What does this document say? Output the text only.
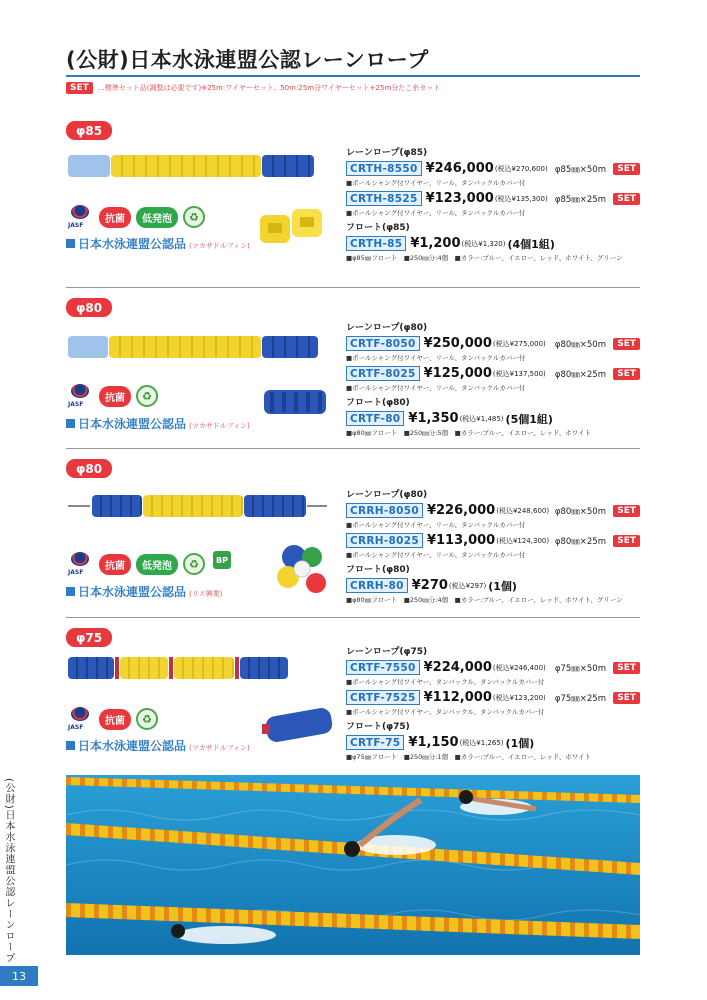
(公財)日本水泳連盟公認レーンロープ
SET	…標準セット品(調整は必要です)※25m:ワイヤーセット、50m:25m分ワイヤーセット+25m分たこ糸セット
φ85
JASF
抗菌	低発泡	♻
日本水泳連盟公認品 (ツカサドルフィン)
レーンロープ(φ85)
CRTH-8550 ¥246,000 (税込¥270,600) φ85㎜×50m	SET
■ポールシャング付ワイヤー、リール、タンバックルカバー付
CRTH-8525 ¥123,000 (税込¥135,300) φ85㎜×25m	SET
■ポールシャング付ワイヤー、リール、タンバックルカバー付
フロート(φ85)
CRTH-85 ¥1,200 (税込¥1,320) (4個1組)
■φ85㎜フロート　■250㎜分:4個　■カラー:ブルー、イエロー、レッド、ホワイト、グリーン
φ80
JASF
抗菌	♻
日本水泳連盟公認品 (ツカサドルフィン)
レーンロープ(φ80)
CRTF-8050 ¥250,000 (税込¥275,000) φ80㎜×50m	SET
■ポールシャング付ワイヤー、リール、タンバックルカバー付
CRTF-8025 ¥125,000 (税込¥137,500) φ80㎜×25m	SET
■ポールシャング付ワイヤー、リール、タンバックルカバー付
フロート(φ80)
CRTF-80 ¥1,350 (税込¥1,485) (5個1組)
■φ80㎜フロート　■250㎜分:5個　■カラー:ブルー、イエロー、レッド、ホワイト
φ80
JASF
抗菌	低発泡	♻	BP
日本水泳連盟公認品 (リス興業)
レーンロープ(φ80)
CRRH-8050 ¥226,000 (税込¥248,600) φ80㎜×50m	SET
■ポールシャング付ワイヤー、リール、タンバックルカバー付
CRRH-8025 ¥113,000 (税込¥124,300) φ80㎜×25m	SET
■ポールシャング付ワイヤー、リール、タンバックルカバー付
フロート(φ80)
CRRH-80 ¥270 (税込¥297) (1個)
■φ80㎜フロート　■250㎜分:4個　■カラー:ブルー、イエロー、レッド、ホワイト、グリーン
φ75
JASF
抗菌	♻
日本水泳連盟公認品 (ツカサドルフィン)
レーンロープ(φ75)
CRTF-7550 ¥224,000 (税込¥246,400) φ75㎜×50m	SET
■ポールシャング付ワイヤー、タンバックル、タンバックルカバー付
CRTF-7525 ¥112,000 (税込¥123,200) φ75㎜×25m	SET
■ポールシャング付ワイヤー、タンバックル、タンバックルカバー付
フロート(φ75)
CRTF-75 ¥1,150 (税込¥1,265) (1個)
■φ75㎜フロート　■250㎜分:1個　■カラー:ブルー、イエロー、レッド、ホワイト
(公財)日本水泳連盟公認レーンロープ
13
